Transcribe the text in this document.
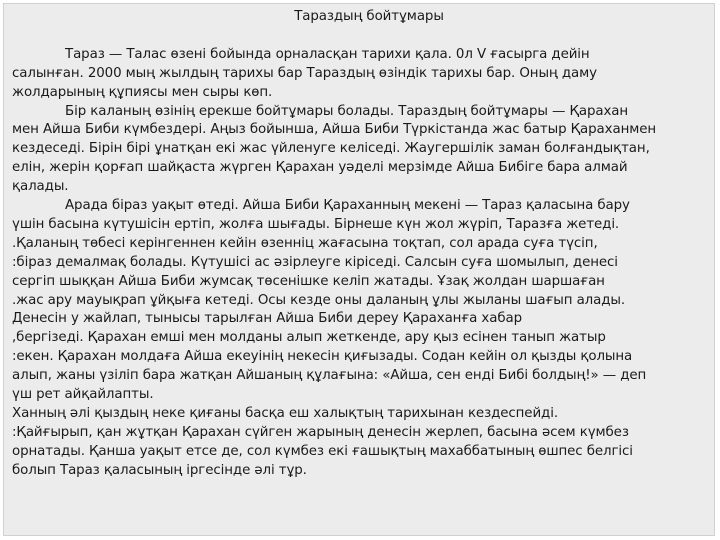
Тараздың бойтұмары
Тараз — Талас өзені бойында орналасқан тарихи қала. 0л V ғасырга дейін
салынған. 2000 мың жылдың тарихы бар Тараздың өзіндік тарихы бар. Оның даму
жолдарының құпиясы мен сыры көп.
Бір каланың өзінің ерекше бойтұмары болады. Тараздың бойтұмары — Қарахан
мен Айша Биби күмбездері. Аңыз бойынша, Айша Биби Түркістанда жас батыр Қараханмен
кездеседі. Бірін бірі ұнатқан екі жас үйленуге келіседі. Жаугершілік заман болғандықтан,
елін, жерін қорғап шайқаста жүрген Қарахан уәделі мерзімде Айша Бибіге бара алмай
қалады.
Арада біраз уақыт өтеді. Айша Биби Қараханның мекені — Тараз қаласына бару
үшін басына күтушісін ертіп, жолға шығады. Бірнеше күн жол жүріп, Таразға жетеді.
.Қаланың төбесі керінгеннен кейін өзенніц жағасына тоқтап, сол арада суға түсіп,
:біраз демалмақ болады. Күтушісі ас әзірлеуге кіріседі. Салсын суға шомылып, денесі
сергіп шыққан Айша Биби жумсақ төсенішке келіп жатады. Ұзақ жолдан шаршаған
.жас ару мауықрап ұйқыға кетеді. Осы кезде оны даланың ұлы жыланы шағып алады.
Денесін у жайлап, тынысы тарылған Айша Биби дереу Қараханға хабар
,бергізеді. Қарахан емші мен молданы алып жеткенде, ару қыз есінен танып жатыр
:екен. Қарахан молдаға Айша екеуінің некесін қиғызады. Содан кейін ол қызды қолына
алып, жаны үзіліп бара жатқан Айшаның құлағына: «Айша, сен енді Бибі болдың!» — деп
үш рет айқайлапты.
Ханның әлі қыздың неке қиғаны басқа еш халықтың тарихынан кездеспейді.
:Қайғырып, қан жұтқан Қарахан сүйген жарының денесін жерлеп, басына әсем күмбез
орнатады. Қанша уақыт етсе де, сол күмбез екі ғашықтың махаббатының өшпес белгісі
болып Тараз қаласының іргесінде әлі тұр.
